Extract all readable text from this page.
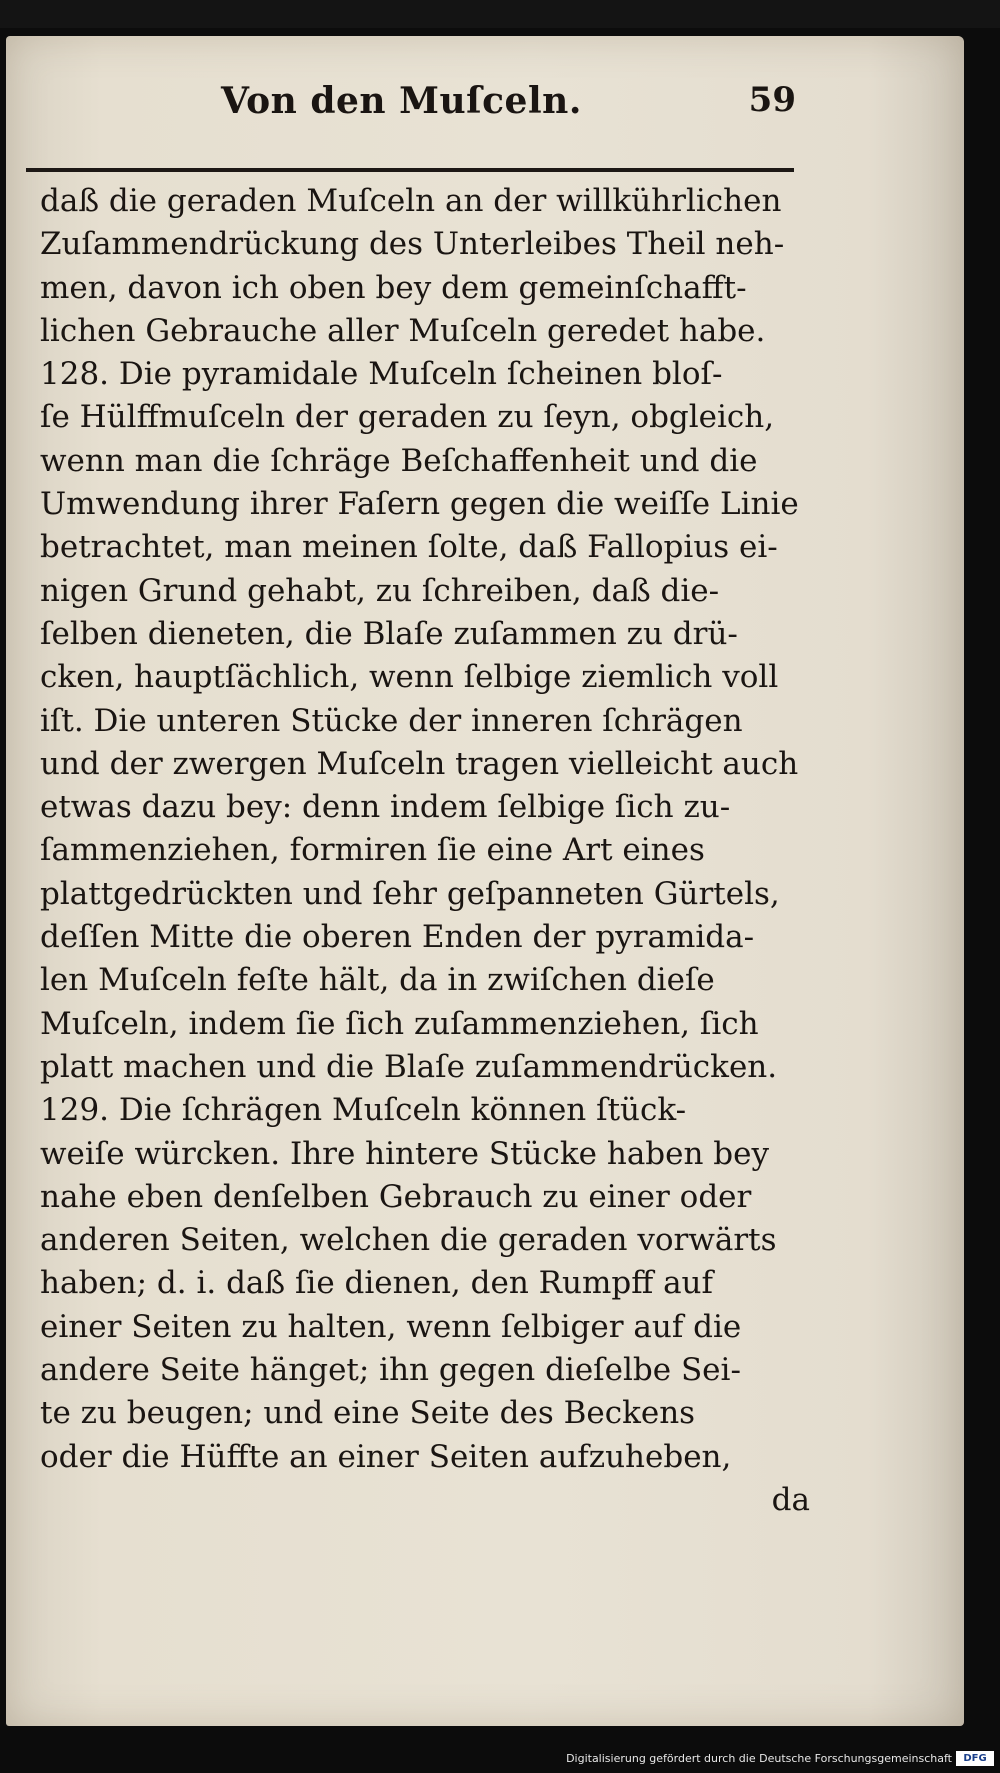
Von den Muſceln.	59
daß die geraden Muſceln an der willkührlichen
Zuſammendrückung des Unterleibes Theil neh-
men, davon ich oben bey dem gemeinſchafft-
lichen Gebrauche aller Muſceln geredet habe.
128. Die pyramidale Muſceln ſcheinen bloſ-
ſe Hülffmuſceln der geraden zu ſeyn, obgleich,
wenn man die ſchräge Beſchaffenheit und die
Umwendung ihrer Faſern gegen die weiſſe Linie
betrachtet, man meinen ſolte, daß Fallopius ei-
nigen Grund gehabt, zu ſchreiben, daß die-
ſelben dieneten, die Blaſe zuſammen zu drü-
cken, hauptſächlich, wenn ſelbige ziemlich voll
iſt. Die unteren Stücke der inneren ſchrägen
und der zwergen Muſceln tragen vielleicht auch
etwas dazu bey: denn indem ſelbige ſich zu-
ſammenziehen, formiren ſie eine Art eines
plattgedrückten und ſehr geſpanneten Gürtels,
deſſen Mitte die oberen Enden der pyramida-
len Muſceln feſte hält, da in zwiſchen dieſe
Muſceln, indem ſie ſich zuſammenziehen, ſich
platt machen und die Blaſe zuſammendrücken.
129. Die ſchrägen Muſceln können ſtück-
weiſe würcken. Ihre hintere Stücke haben bey
nahe eben denſelben Gebrauch zu einer oder
anderen Seiten, welchen die geraden vorwärts
haben; d. i. daß ſie dienen, den Rumpff auf
einer Seiten zu halten, wenn ſelbiger auf die
andere Seite hänget; ihn gegen dieſelbe Sei-
te zu beugen; und eine Seite des Beckens
oder die Hüffte an einer Seiten aufzuheben,
da
Digitalisierung gefördert durch die Deutsche Forschungsgemeinschaft	DFG
